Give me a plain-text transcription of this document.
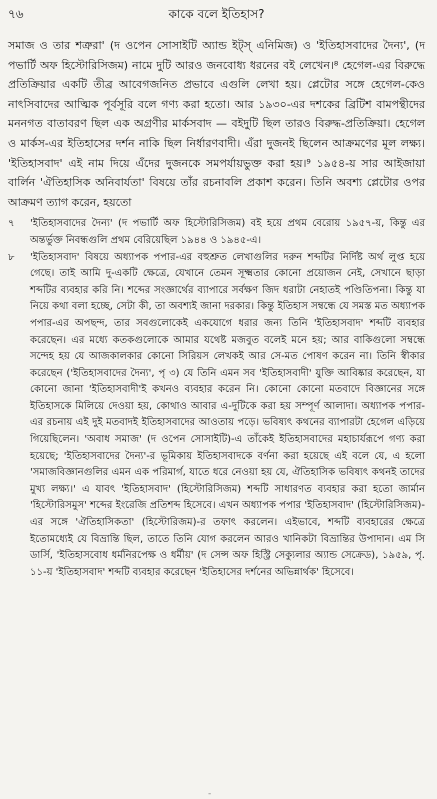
৭৬	কাকে বলে ইতিহাস?

সমাজ ও তার শত্রুরা' (দ ওপেন সোসাইটি অ্যান্ড ইট্স্ এনিমিজ) ও 'ইতিহাসবাদের দৈন্য', (দ পভার্টি অফ হিস্টোরিসিজম) নামে দুটি আরও জনবোধ্য ধরনের বই লেখেন।⁸ হেগেল-এর বিরুদ্ধে প্রতিক্রিয়ার একটি তীব্র আবেগজনিত প্রভাবে এগুলি লেখা হয়। প্লেটোর সঙ্গে হেগেল-কেও নাৎসিবাদের আত্মিক পূর্বসূরি বলে গণ্য করা হতো। আর ১৯৩০-এর দশকের ব্রিটিশ বামপন্থীদের মননগত বাতাবরণ ছিল এক অগ্রণীর মার্কসবাদ — বইদুটি ছিল তারও বিরুদ্ধ-প্রতিক্রিয়া। হেগেল ও মার্কস-এর ইতিহাসের দর্শন নাকি ছিল নির্ধারণবাদী। এঁরা দুজনই ছিলেন আক্রমণের মূল লক্ষ্য। 'ইতিহাসবাদ' এই নাম দিয়ে এঁদের দুজনকে সমপর্যায়ভুক্ত করা হয়।⁹ ১৯৫৪-য় সার আইজায়া বার্লিন 'ঐতিহাসিক অনিবার্যতা' বিষয়ে তাঁর রচনাবলি প্রকাশ করেন। তিনি অবশ্য প্লেটোর ওপর আক্রমণ ত্যাগ করেন, হয়তো

৭	'ইতিহাসবাদের দৈন্য' (দ পভার্টি অফ হিস্টোরিসিজম) বই হয়ে প্রথম বেরোয় ১৯৫৭-য়, কিন্তু এর অন্তর্ভুক্ত নিবন্ধগুলি প্রথম বেরিয়েছিল ১৯৪৪ ও ১৯৪৫-এ।
৮	'ইতিহাসবাদ' বিষয়ে অধ্যাপক পপার-এর বহুশ্রুত লেখাগুলির দরুন শব্দটির নির্দিষ্ট অর্থ লুপ্ত হয়ে গেছে। তাই আমি দু-একটি ক্ষেত্রে, যেখানে তেমন সূক্ষ্মতার কোনো প্রয়োজন নেই, সেখানে ছাড়া শব্দটির ব্যবহার করি নি। শব্দের সংজ্ঞার্থের ব্যাপারে সর্বক্ষণ জিদ ধরাটা নেহাতই পণ্ডিতিপনা। কিন্তু যা নিয়ে কথা বলা হচ্ছে, সেটা কী, তা অবশ্যই জানা দরকার। কিন্তু ইতিহাস সম্বন্ধে যে সমস্ত মত অধ্যাপক পপার-এর অপছন্দ, তার সবগুলোকেই একযোগে ধরার জন্য তিনি 'ইতিহাসবাদ' শব্দটি ব্যবহার করেছেন। এর মধ্যে কতকগুলোকে আমার যথেষ্ট মজবুত বলেই মনে হয়; আর বাকিগুলো সম্বন্ধে সন্দেহ হয় যে আজকালকার কোনো সিরিয়স লেখকই আর সে-মত পোষণ করেন না। তিনি স্বীকার করেছেন ('ইতিহাসবাদের দৈন্য', পৃ ৩) যে তিনি এমন সব 'ইতিহাসবাদী' যুক্তি আবিষ্কার করেছেন, যা কোনো জানা 'ইতিহাসবাদী'ই কখনও ব্যবহার করেন নি। কোনো কোনো মতবাদে বিজ্ঞানের সঙ্গে ইতিহাসকে মিলিয়ে দেওয়া হয়, কোথাও আবার এ-দুটিকে করা হয় সম্পূর্ণ আলাদা। অধ্যাপক পপার-এর রচনায় এই দুই মতবাদই ইতিহাসবাদের আওতায় পড়ে। ভবিষ্যৎ কথনের ব্যাপারটা হেগেল এড়িয়ে গিয়েছিলেন। 'অবাধ সমাজ' (দ ওপেন সোসাইটি)-এ তাঁকেই ইতিহাসবাদের মহাচার্যরূপে গণ্য করা হয়েছে; 'ইতিহাসবাদের দৈন্য'-র ভূমিকায় ইতিহাসবাদকে বর্ণনা করা হয়েছে এই বলে যে, এ হলো 'সমাজবিজ্ঞানগুলির এমন এক পরিমার্গ, যাতে ধরে নেওয়া হয় যে, ঐতিহাসিক ভবিষ্যৎ কথনই তাদের মুখ্য লক্ষ্য।' এ যাবৎ 'ইতিহাসবাদ' (হিস্টোরিসিজম) শব্দটি সাধারণত ব্যবহার করা হতো জার্মান 'হিস্টোরিসমুস' শব্দের ইংরেজি প্রতিশব্দ হিসেবে। এখন অধ্যাপক পপার 'ইতিহাসবাদ' (হিস্টোরিসিজম)-এর সঙ্গে 'ঐতিহাসিকতা' (হিস্টোরিজম)-র তফাৎ করলেন। এইভাবে, শব্দটি ব্যবহারের ক্ষেত্রে ইতোমধ্যেই যে বিভ্রান্তি ছিল, তাতে তিনি যোগ করলেন আরও খানিকটা বিভ্রান্তির উপাদান। এম সি ডার্সি, 'ইতিহাসবোধ ধর্মনিরপেক্ষ ও ধর্মীয়' (দ সেন্স অফ হিস্ট্রি সেক্যুলার অ্যান্ড সেক্রেড), ১৯৫৯, পৃ. ১১-য় 'ইতিহাসবাদ' শব্দটি ব্যবহার করেছেন 'ইতিহাসের দর্শনের অভিন্নার্থক' হিসেবে।
-
